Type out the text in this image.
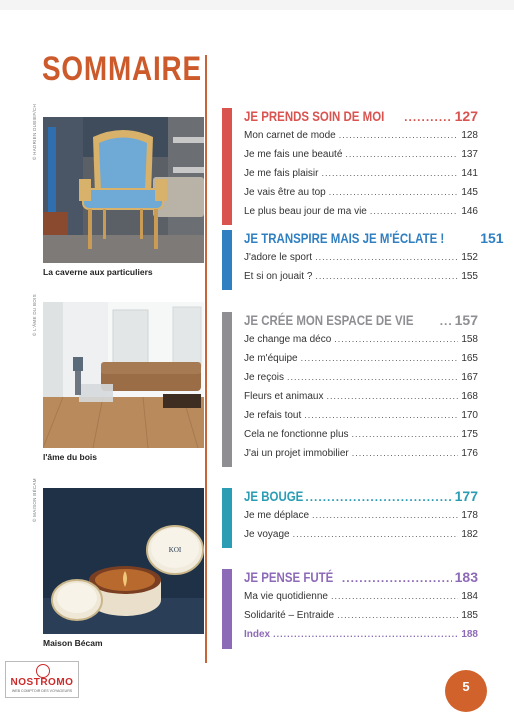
SOMMAIRE
© HADRIEN DUBIEF/CH
La caverne aux particuliers
© L'ÂME DU BOIS
l'âme du bois
KOI
© MAISON BÉCAM
Maison Bécam
JE PRENDS SOIN DE MOI .....	127
Mon carnet de mode .....	128
Je me fais une beauté .....	137
Je me fais plaisir .....	141
Je vais être au top .....	145
Le plus beau jour de ma vie .....	146
JE TRANSPIRE MAIS JE M'ÉCLATE !	151
J'adore le sport .....	152
Et si on jouait ? .....	155
JE CRÉE MON ESPACE DE VIE .....	157
Je change ma déco .....	158
Je m'équipe .....	165
Je reçois .....	167
Fleurs et animaux .....	168
Je refais tout .....	170
Cela ne fonctionne plus .....	175
J'ai un projet immobilier .....	176
JE BOUGE .....	177
Je me déplace .....	178
Je voyage .....	182
JE PENSE FUTÉ .....	183
Ma vie quotidienne .....	184
Solidarité – Entraide .....	185
Index .....	188
NOSTROMO
WEB COMPTOIR DES VOYAGEURS	5
